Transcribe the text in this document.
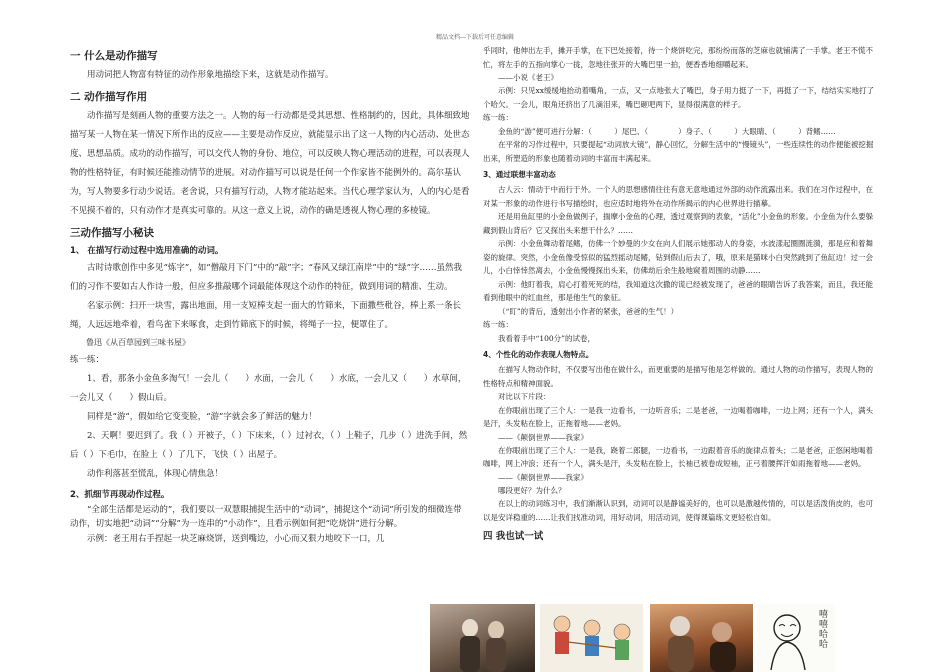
精品文档---下载后可任意编辑
一 什么是动作描写

用动词把人物富有特征的动作形象地描绘下来，这就是动作描写。

二 动作描写作用

动作描写是刻画人物的重要方法之一。人物的每一行动都是受其思想、性格制约的，因此，具体细致地描写某一人物在某一情况下所作出的反应——主要是动作反应，就能显示出了这一人物的内心活动、处世态度、思想品质。成功的动作描写，可以交代人物的身份、地位，可以反映人物心理活动的进程，可以表现人物的性格特征，有时候还能推动情节的进展。对动作描写可以说是任何一个作家皆不能例外的。高尔基认为，写人物要多行动少说话。老舍说，只有描写行动，人物才能站起来。当代心理学家认为，人的内心是看不见摸不着的，只有动作才是真实可靠的。从这一意义上说，动作的确是透视人物心理的多棱镜。

三动作描写小秘诀
1、 在描写行动过程中选用准确的动词。

古时诗歌创作中多见“炼字”，如“僧敲月下门”中的“敲”字；“春风又绿江南岸”中的“绿”字……虽然我们的习作不要如古人作诗一般，但应多推敲哪个词最能体现这个动作的特征，做到用词的精准、生动。

名家示例：扫开一块雪，露出地面，用一支短棒支起一面大的竹筛来，下面撒些秕谷，棒上系一条长绳，人远远地牵着，看鸟雀下来啄食，走到竹筛底下的时候，将绳子一拉，便罩住了。

鲁迅《从百草园到三味书屋》

练一练：

1、看，那条小金鱼多淘气！一会儿（　　）水面，一会儿（　　）水底，一会儿又（　　）水草间，一会儿又（　　）假山后。

同样是“游”，假如给它变变脸，“游”字就会多了鲜活的魅力！

2、天啊！要迟到了。我（ ）开被子，（ ）下床来，（ ）过衬衣，（ ）上鞋子，几步（ ）进洗手间，然后（ ）下毛巾，在脸上（ ）了几下，飞快（ ）出屋子。

动作利落甚至慌乱，体现心情焦急！

2、抓细节再现动作过程。

“全部生活都是运动的”，我们要以一双慧眼捕捉生活中的“动词”，捕捉这个“动词”所引发的细微连带动作，切实地把“动词”“分解”为一连串的“小动作”，且看示例如何把“吃烧饼”进行分解。

示例：老王用右手捏起一块芝麻烧饼，送到嘴边，小心而又狠力地咬下一口，几

乎同时，他伸出左手，摊开手掌，在下巴处接着，待一个烧饼吃完，那纷纷而落的芝麻也就铺满了一手掌。老王不慌不忙，将左手的五指向掌心一拢，忽地往张开的大嘴巴里一拍，便香香地细嚼起来。

——小说《老王》

示例：只见xx缓缓地抬动着嘴角，一点，又一点地张大了嘴巴，身子用力挺了一下，再挺了一下，结结实实地打了个哈欠。一会儿，眼角还挤出了几滴泪来，嘴巴砸吧两下，显得很满意的样子。

练一练：

金鱼的“游”便可进行分解：（　　　）尾巴、（　　　　）身子、（　　　）大眼睛、（　　　）背鳍……

在平常的习作过程中，只要提起“动词放大镜”，静心回忆，分解生活中的“慢镜头”，一些连续性的动作便能被挖掘出来，所塑造的形象也随着动词的丰富而丰满起来。

3、通过联想丰富动态

古人云：情动于中而行于外。一个人的思想感情往往有意无意地通过外部的动作流露出来。我们在习作过程中，在对某一形象的动作进行书写描绘时，也应适时地将外在动作所揭示的内心世界进行描摹。

还是用鱼缸里的小金鱼做例子，揣摩小金鱼的心理，透过观察到的表象，“活化”小金鱼的形象。小金鱼为什么要躲藏到假山背后？它又探出头来想干什么？……

示例：小金鱼舞动着尾鳍，仿佛一个妙曼的少女在向人们展示她那动人的身姿，水波漾起圈圈涟漪，那是应和着舞姿的旋律。突然，小金鱼像受惊似的猛烈摇动尾鳍，钻到假山后去了，哦，原来是猫咪小白突然跳到了鱼缸边！过一会儿，小白悻悻然离去，小金鱼慢慢探出头来，仿佛劫后余生般地窥着周围的动静……

示例：他盯着我，肩心打着死死的结，我知道这次撒的谎已经被发现了，爸爸的眼睛告诉了我答案，而且，我还能看到他眼中的红血丝，那是他生气的象征。

（“盯”的背后，透射出小作者的紧张，爸爸的生气！）

练一练：

我看着手中“100分”的试卷，

4、个性化的动作表现人物特点。

在描写人物动作时，不仅要写出他在做什么，而更重要的是描写他是怎样做的。通过人物的动作描写，表现人物的性格特点和精神面貌。

对比以下片段：

在你眼前出现了三个人：一是我一边看书，一边听音乐；二是老爸，一边喝着咖啡，一边上网；还有一个人，满头是汗，头发粘在脸上，正拖着地——老妈。

——《颠倒世界——我家》

在你眼前出现了三个人：一是我，跷着二郎腿，一边看书，一边跟着音乐的旋律点着头；二是老爸，正悠闲地喝着咖啡，网上冲浪；还有一个人，满头是汗，头发粘在脸上，长袖已被卷成短袖，正弓着腰挥汗如雨拖着地——老妈。

——《颠倒世界——我家》

哪段更好？为什么？

在以上的动词练习中，我们渐渐认识到，动词可以是静谧美好的，也可以是激越传情的，可以是活泼俏皮的，也可以是安详稳重的……让我们找准动词，用好动词，用活动词，使得课篇练文更轻松自如。

四 我也试一试
嘻嘻哈哈
